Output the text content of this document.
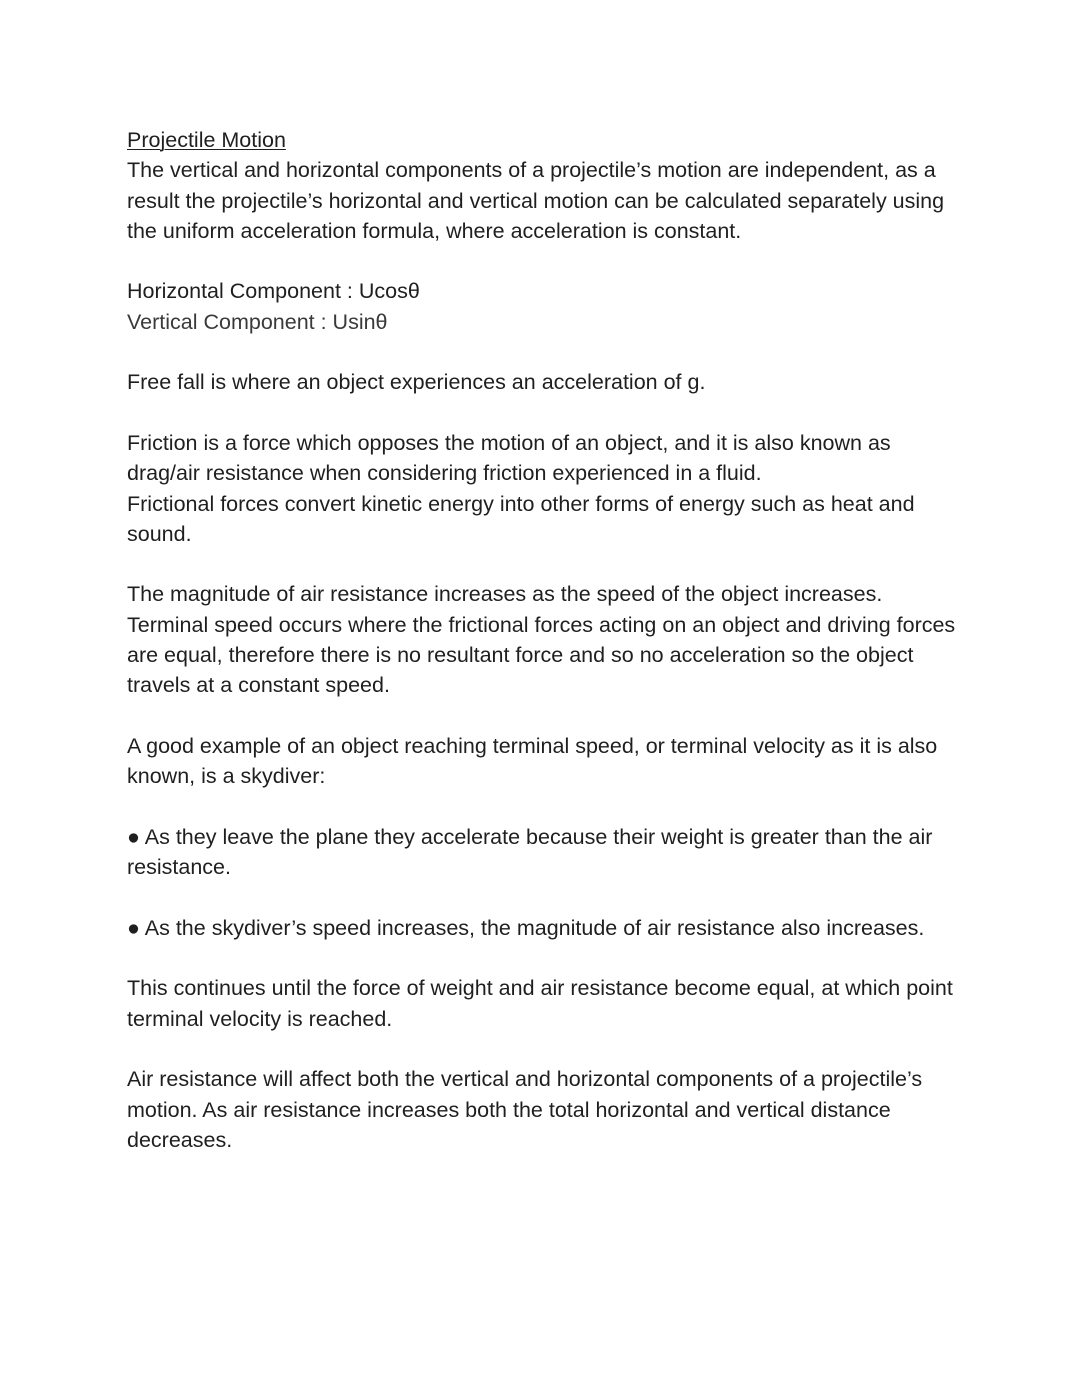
Projectile Motion

The vertical and horizontal components of a projectile’s motion are independent, as a result the projectile’s horizontal and vertical motion can be calculated separately using the uniform acceleration formula, where acceleration is constant.

Horizontal Component : Ucosθ

Vertical Component : Usinθ

Free fall is where an object experiences an acceleration of g.

Friction is a force which opposes the motion of an object, and it is also known as drag/air resistance when considering friction experienced in a fluid.

Frictional forces convert kinetic energy into other forms of energy such as heat and sound.

The magnitude of air resistance increases as the speed of the object increases.

Terminal speed occurs where the frictional forces acting on an object and driving forces are equal, therefore there is no resultant force and so no acceleration so the object travels at a constant speed.

A good example of an object reaching terminal speed, or terminal velocity as it is also known, is a skydiver:

● As they leave the plane they accelerate because their weight is greater than the air resistance.

● As the skydiver’s speed increases, the magnitude of air resistance also increases.

This continues until the force of weight and air resistance become equal, at which point terminal velocity is reached.

Air resistance will affect both the vertical and horizontal components of a projectile’s motion. As air resistance increases both the total horizontal and vertical distance decreases.
